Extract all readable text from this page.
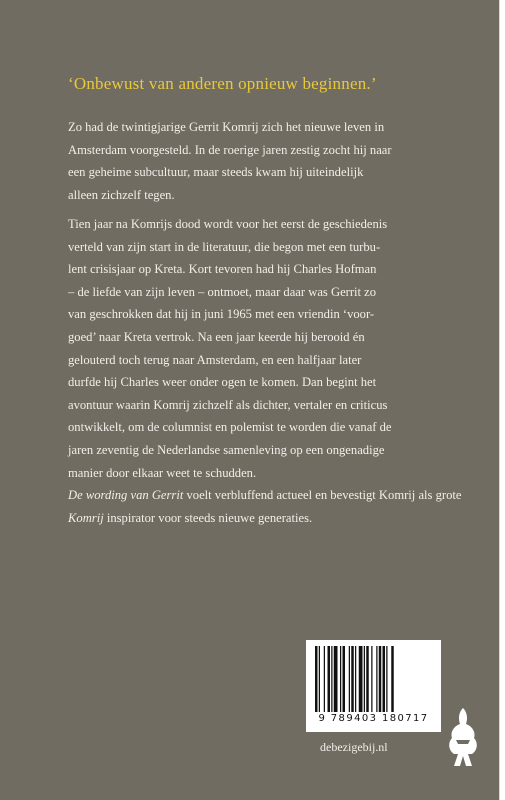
‘Onbewust van anderen opnieuw beginnen.’

Zo had de twintigjarige Gerrit Komrij zich het nieuwe leven in
Amsterdam voorgesteld. In de roerige jaren zestig zocht hij naar
een geheime subcultuur, maar steeds kwam hij uiteindelijk
alleen zichzelf tegen.

Tien jaar na Komrijs dood wordt voor het eerst de geschiedenis
verteld van zijn start in de literatuur, die begon met een turbu-
lent crisisjaar op Kreta. Kort tevoren had hij Charles Hofman
– de liefde van zijn leven – ontmoet, maar daar was Gerrit zo
van geschrokken dat hij in juni 1965 met een vriendin ‘voor-
goed’ naar Kreta vertrok. Na een jaar keerde hij berooid én
gelouterd toch terug naar Amsterdam, en een halfjaar later
durfde hij Charles weer onder ogen te komen. Dan begint het
avontuur waarin Komrij zichzelf als dichter, vertaler en criticus
ontwikkelt, om de columnist en polemist te worden die vanaf de
jaren zeventig de Nederlandse samenleving op een ongenadige
manier door elkaar weet te schudden.
De wording van Gerrit voelt verbluffend actueel en bevestigt Komrij als grote
Komrij inspirator voor steeds nieuwe generaties.

9 789403 180717

debezigebij.nl
